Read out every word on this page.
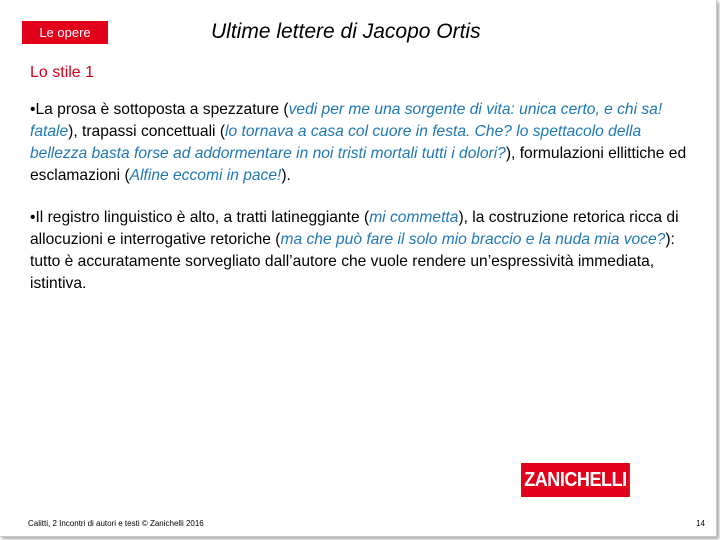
Le opere	Ultime lettere di Jacopo Ortis
Lo stile 1

•La prosa è sottoposta a spezzature (vedi per me una sorgente di vita: unica certo, e chi sa! fatale), trapassi concettuali (lo tornava a casa col cuore in festa. Che? lo spettacolo della bellezza basta forse ad addormentare in noi tristi mortali tutti i dolori?), formulazioni ellittiche ed esclamazioni (Alfine eccomi in pace!).

•Il registro linguistico è alto, a tratti latineggiante (mi commetta), la costruzione retorica ricca di allocuzioni e interrogative retoriche (ma che può fare il solo mio braccio e la nuda mia voce?): tutto è accuratamente sorvegliato dall’autore che vuole rendere un’espressività immediata, istintiva.

ZANICHELLI
Calitti, 2 Incontri di autori e testi © Zanichelli 2016	14
